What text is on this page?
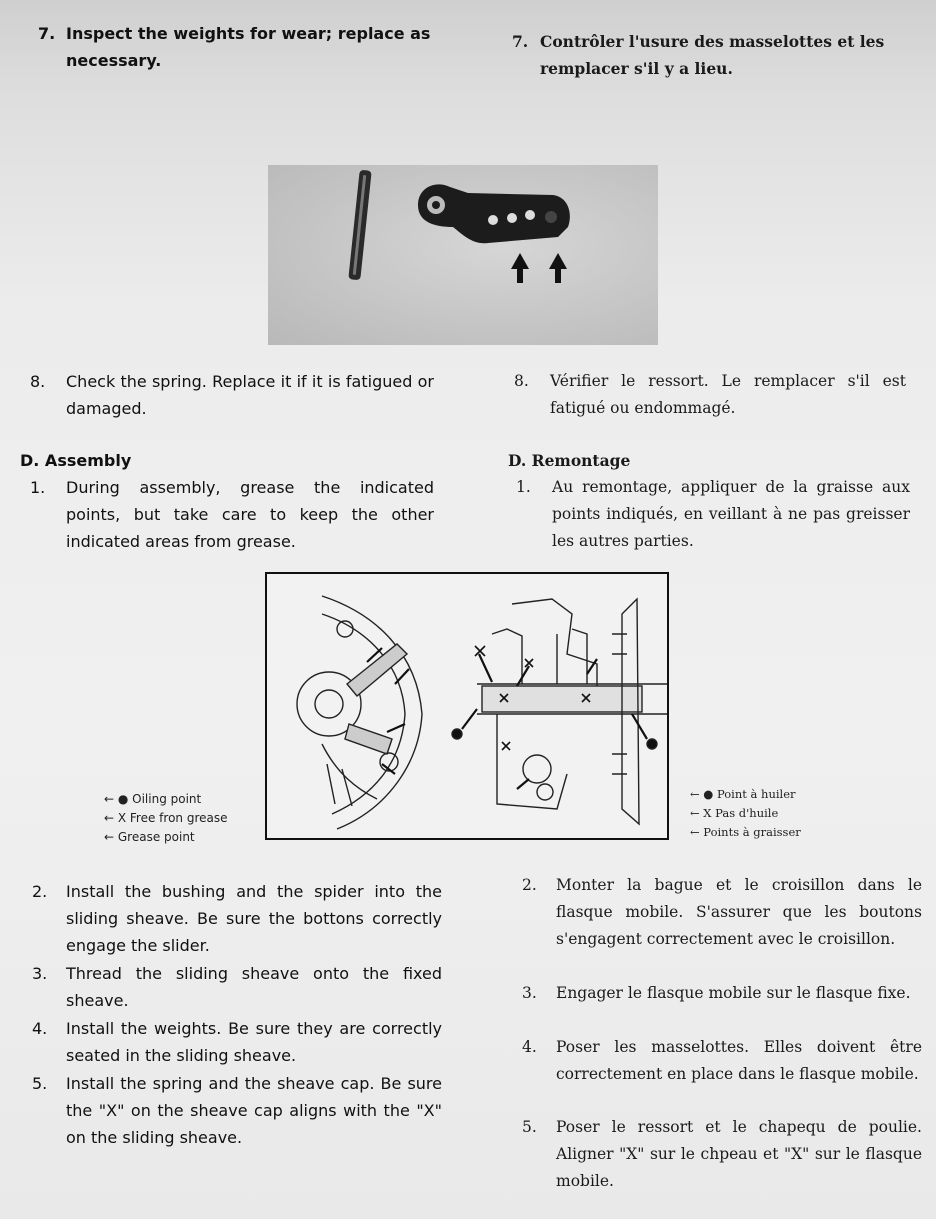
7. Inspect the weights for wear; replace as necessary.
7. Contrôler l'usure des masselottes et les remplacer s'il y a lieu.
8.	Check the spring. Replace it if it is fatigued or damaged.
8.	Vérifier le ressort. Le remplacer s'il est fatigué ou endommagé.
D. Assembly	D. Remontage
1.	During assembly, grease the indicated points, but take care to keep the other indicated areas from grease.
1.	Au remontage, appliquer de la graisse aux points indiqués, en veillant à ne pas greisser les autres parties.
← ● Oiling point
← X Free fron grease
← Grease point
← ● Point à huiler
← X Pas d'huile
← Points à graisser
2.	Install the bushing and the spider into the sliding sheave. Be sure the bottons correctly engage the slider.
3.	Thread the sliding sheave onto the fixed sheave.
4.	Install the weights. Be sure they are correctly seated in the sliding sheave.
5.	Install the spring and the sheave cap. Be sure the "X" on the sheave cap aligns with the "X" on the sliding sheave.
2.	Monter la bague et le croisillon dans le flasque mobile. S'assurer que les boutons s'engagent correctement avec le croisillon.
3.	Engager le flasque mobile sur le flasque fixe.
4.	Poser les masselottes. Elles doivent être correctement en place dans le flasque mobile.
5.	Poser le ressort et le chapequ de poulie. Aligner "X" sur le chpeau et "X" sur le flasque mobile.
